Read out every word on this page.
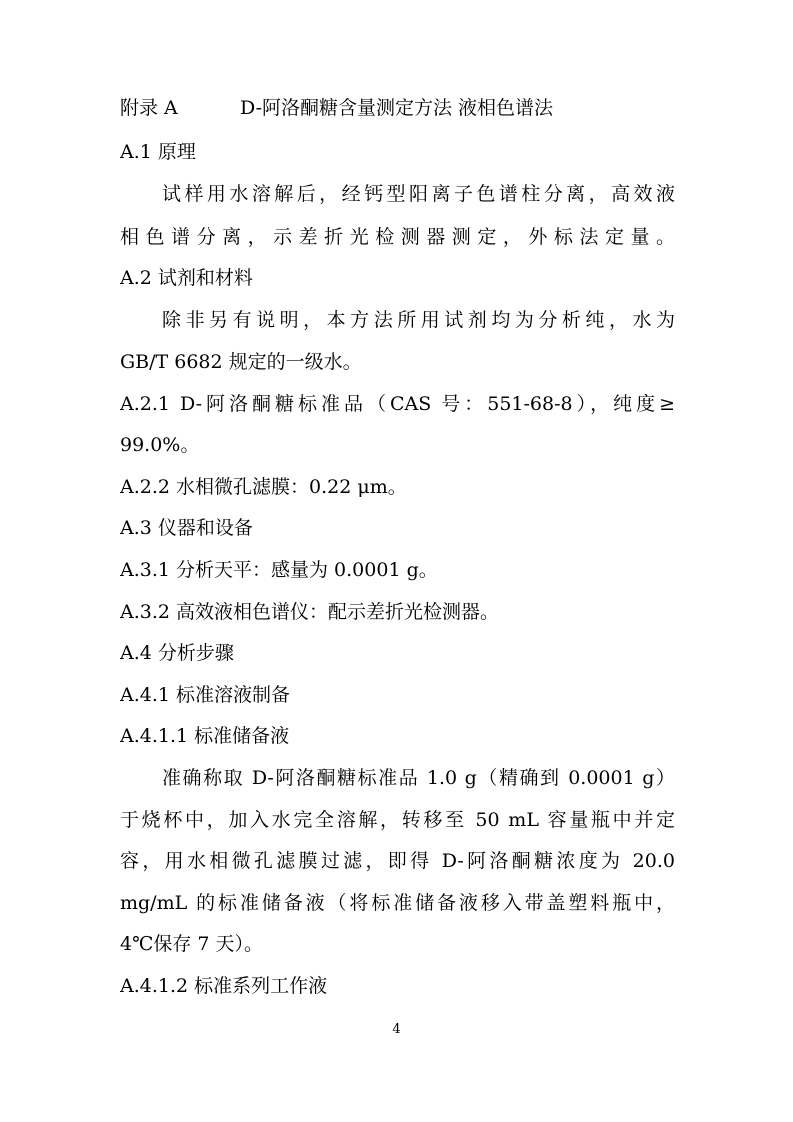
附录 A	D-阿洛酮糖含量测定方法 液相色谱法
A.1 原理
试样用水溶解后，经钙型阳离子色谱柱分离，高效液
相色谱分离，示差折光检测器测定，外标法定量。
A.2 试剂和材料
除非另有说明，本方法所用试剂均为分析纯，水为
GB/T 6682 规定的一级水。
A.2.1 D-阿洛酮糖标准品（CAS 号：551-68-8），纯度≥
99.0%。
A.2.2 水相微孔滤膜：0.22 μm。
A.3 仪器和设备
A.3.1 分析天平：感量为 0.0001 g。
A.3.2 高效液相色谱仪：配示差折光检测器。
A.4 分析步骤
A.4.1 标准溶液制备
A.4.1.1 标准储备液
准确称取 D-阿洛酮糖标准品 1.0 g（精确到 0.0001 g）
于烧杯中，加入水完全溶解，转移至 50 mL 容量瓶中并定
容，用水相微孔滤膜过滤，即得 D-阿洛酮糖浓度为 20.0
mg/mL 的标准储备液（将标准储备液移入带盖塑料瓶中，
4℃保存 7 天）。
A.4.1.2 标准系列工作液
4
